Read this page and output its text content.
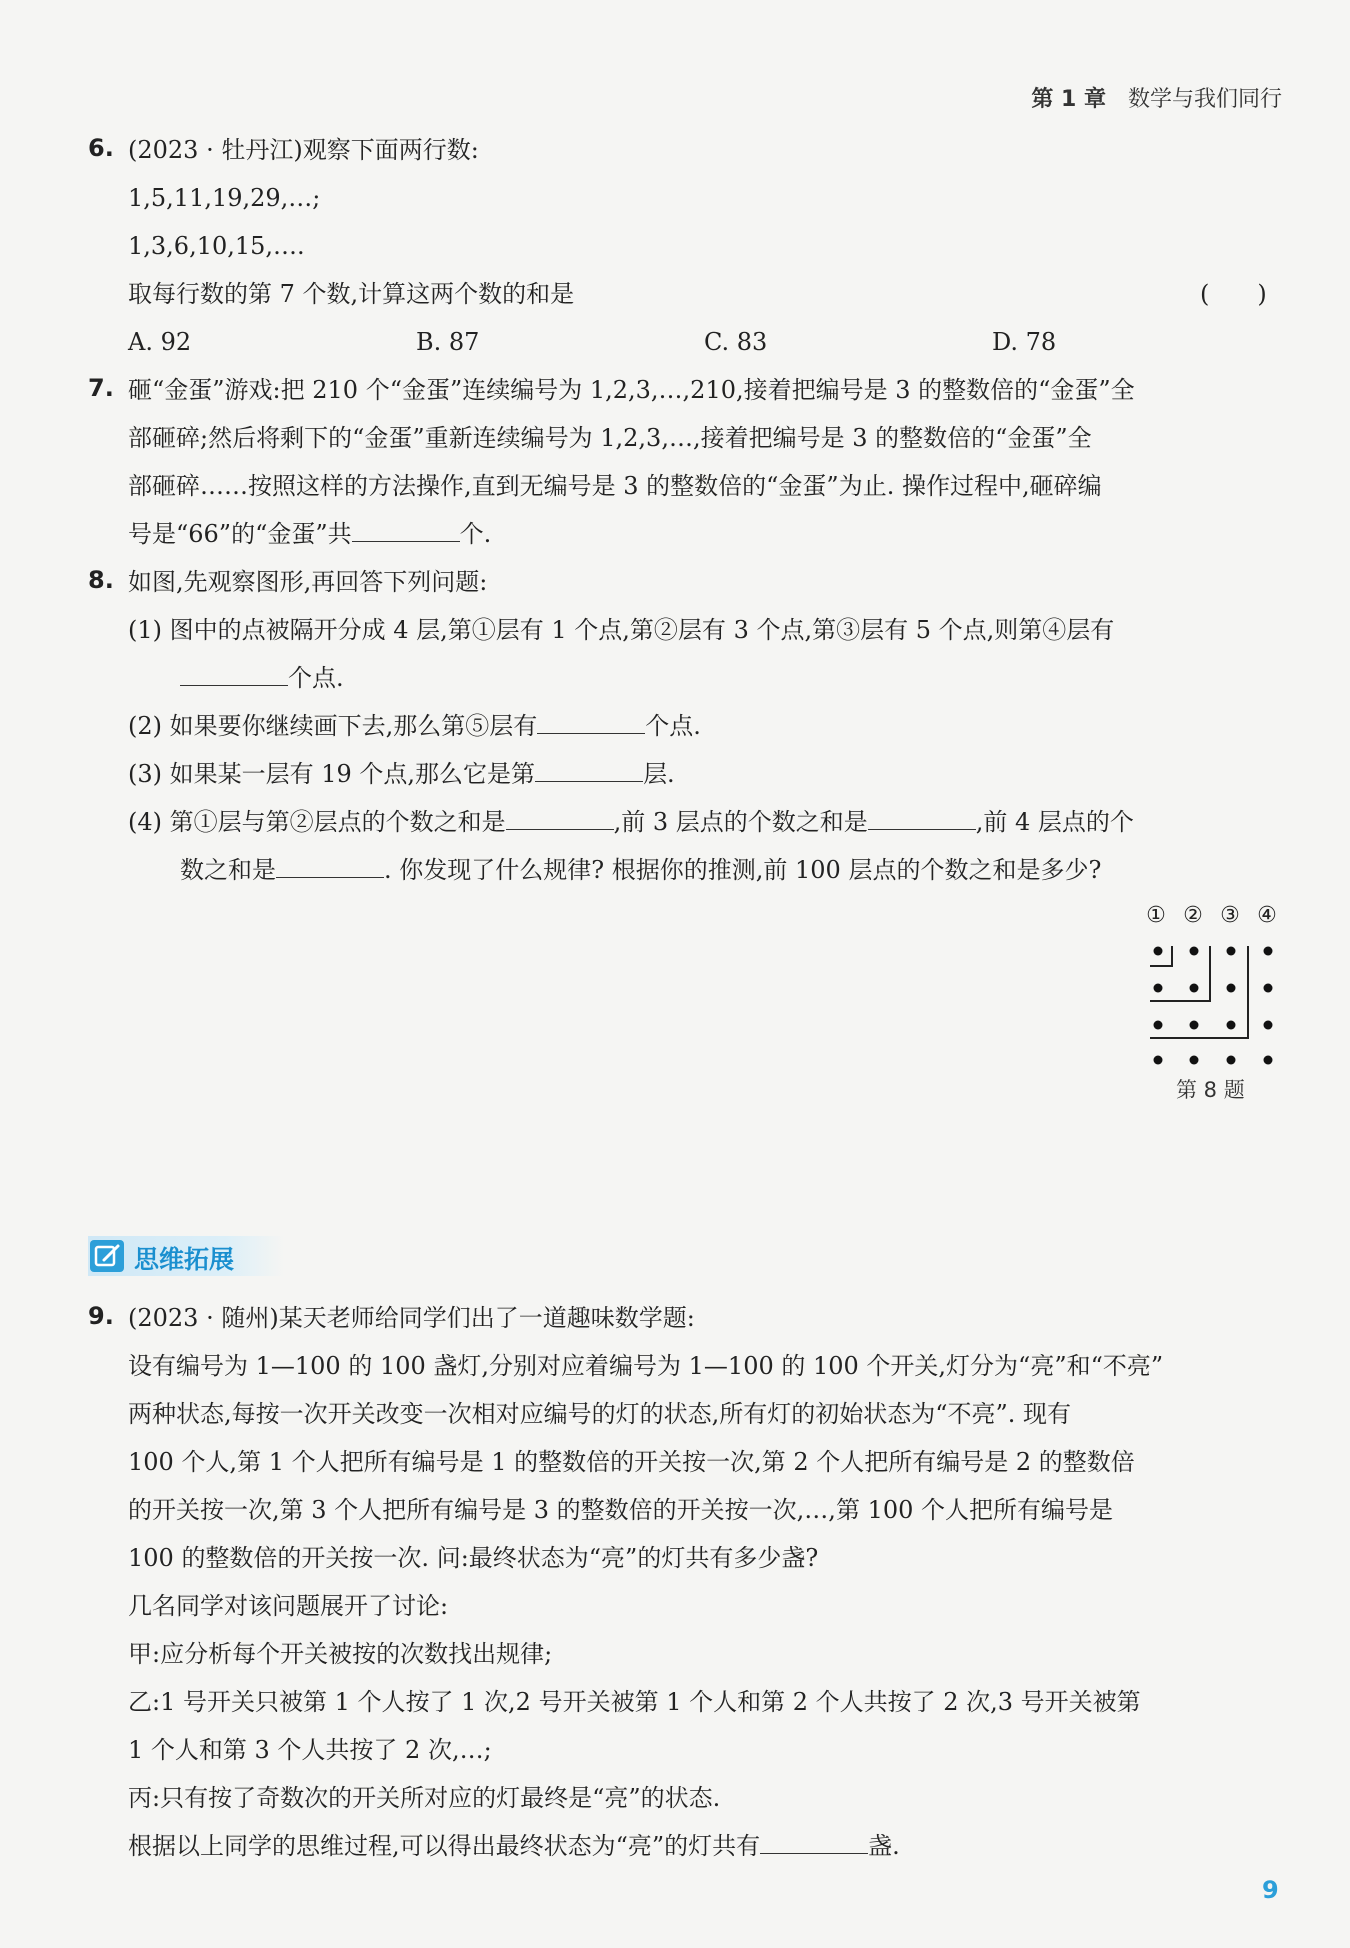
第 1 章 数学与我们同行
6. (2023 · 牡丹江)观察下面两行数:
1,5,11,19,29,…;
1,3,6,10,15,….
取每行数的第 7 个数,计算这两个数的和是	(　　)
A. 92	B. 87	C. 83	D. 78
7. 砸“金蛋”游戏:把 210 个“金蛋”连续编号为 1,2,3,…,210,接着把编号是 3 的整数倍的“金蛋”全
部砸碎;然后将剩下的“金蛋”重新连续编号为 1,2,3,…,接着把编号是 3 的整数倍的“金蛋”全
部砸碎……按照这样的方法操作,直到无编号是 3 的整数倍的“金蛋”为止. 操作过程中,砸碎编
号是“66”的“金蛋”共	个.
8. 如图,先观察图形,再回答下列问题:
(1) 图中的点被隔开分成 4 层,第①层有 1 个点,第②层有 3 个点,第③层有 5 个点,则第④层有
个点.
(2) 如果要你继续画下去,那么第⑤层有	个点.
(3) 如果某一层有 19 个点,那么它是第	层.
(4) 第①层与第②层点的个数之和是	,前 3 层点的个数之和是	,前 4 层点的个
数之和是	. 你发现了什么规律? 根据你的推测,前 100 层点的个数之和是多少?
① ② ③ ④
第 8 题
思维拓展
9. (2023 · 随州)某天老师给同学们出了一道趣味数学题:
设有编号为 1—100 的 100 盏灯,分别对应着编号为 1—100 的 100 个开关,灯分为“亮”和“不亮”
两种状态,每按一次开关改变一次相对应编号的灯的状态,所有灯的初始状态为“不亮”. 现有
100 个人,第 1 个人把所有编号是 1 的整数倍的开关按一次,第 2 个人把所有编号是 2 的整数倍
的开关按一次,第 3 个人把所有编号是 3 的整数倍的开关按一次,…,第 100 个人把所有编号是
100 的整数倍的开关按一次. 问:最终状态为“亮”的灯共有多少盏?
几名同学对该问题展开了讨论:
甲:应分析每个开关被按的次数找出规律;
乙:1 号开关只被第 1 个人按了 1 次,2 号开关被第 1 个人和第 2 个人共按了 2 次,3 号开关被第
1 个人和第 3 个人共按了 2 次,…;
丙:只有按了奇数次的开关所对应的灯最终是“亮”的状态.
根据以上同学的思维过程,可以得出最终状态为“亮”的灯共有	盏.
9
